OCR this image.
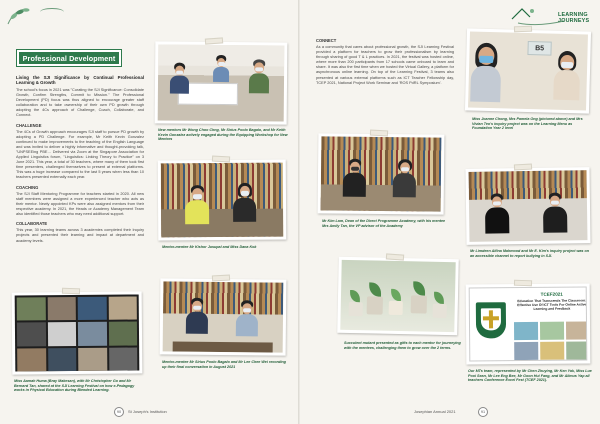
Professional Development
Living the SJI Significance by Continual Professional Learning & Growth

The school's focus in 2021 was "Curating the SJI Significance: Consolidate Growth, Confirm Strengths, Commit to Mission." The Professional Development (PD) focus was thus aligned to encourage greater staff collaboration and to take ownership of their own PD growth through adopting the 4Cs approach of Challenge, Coach, Collaborate, and Connect.

CHALLENGE

The 4Cs of Growth approach encourages SJI staff to pursue PD growth by adopting a PD Challenge. For example, Mr Keith Kevin Gonzalez continued to make improvements to the teaching of the English Language and was invited to deliver a highly informative and thought-provoking talk, "UNPSEEing PBE… Delivered via Zoom at the Singapore Association for Applied Linguistics forum, "Linguistics: Linking Theory to Practice" on 3 June 2021. This year, a total of 30 teachers, where many of them took first time presenters, challenged themselves to present at external platforms. This was a huge increase compared to the last 5 years when less than 10 teachers presented externally each year.

COACHING

The SJI Staff Mentoring Programme for teachers started in 2020. All new staff members were assigned a more experienced teacher who acts as their mentor. Newly appointed KPs were also assigned mentors from their respective academy. In 2021, the Heads or Academy Management Team also identified those teachers who may need additional support.

COLLABORATE

This year, 30 learning teams across 3 academies completed their Inquiry projects and presented their learning and impact at department and academy levels.

New mentors Mr Wong Choo Chng, Mr Sirius Poolo Bagalo, and Mr Keith Kevin Gonzalez actively engaged during the Equipping Workshop for New Mentors
Mentor-mentee Mr Kishor Jusupal and Miss Dana Kok
Mentor-mentee Mr Sirius Poolo Bagalo and Mr Lee Chee Wei recording up their final conversation in August 2021
Miss Aamah Huma (Bray Makesan), with Mr Christopher Go and Mr Bernard Tan, shared at the SJI Learning Festival on how e-Pedagogy works in Physical Education during Blended Learning.
90	St Joseph's Institution
LEARNING JOURNEYS
CONNECT

As a community that cares about professional growth, the SJI Learning Festival provided a platform for teachers to grow their professionalism by learning through sharing of good T & L practices. In 2021, the festival was hosted online, where more than 200 participants from 17 schools came onboard to learn and share. It was also the first time when we hosted the Virtual Gallery, a platform for asynchronous online learning. On top of the Learning Festival, 3 teams also presented at various external platforms such as ICT Teacher Fellowship day, TCEP 2021, National Project Work Seminar and 'ROS PdRL Symposium'.

B5
Miss Joanne Chong, Mrs Pamela Ong (pictured above) and Mrs Vivian Teo's inquiry project was on the Learning Menu as Foundation Year 2 level
Mr Kim Lam, Dean of the Direct Programme Academy, with his mentee Mrs Amily Tan, the VP advisor of the Academy
Mr Limdeen Alfina Mahmood and Mr E. Kim's inquiry project was on an accessible channel to report bullying in SJI.
Succulent mutant presented as gifts to each mentor for journeying with the mentees, challenging them to grow over the 2 terms.
TCEF2021
Education That Transcends The Classroom: Effective Use Of ICT Tools For Online Active Learning and Feedback
Our MTs team, represented by Mr Chen Zhuying, Mr Ken Yak, Miss Lue Pooi Sean, Mr Lee Eng Bee, Mr Goon Hui Fang, and Mr Alimus Yap all teachers Conference Excel Fest (TCEF 2021).
Josephian Annual 2021	91
